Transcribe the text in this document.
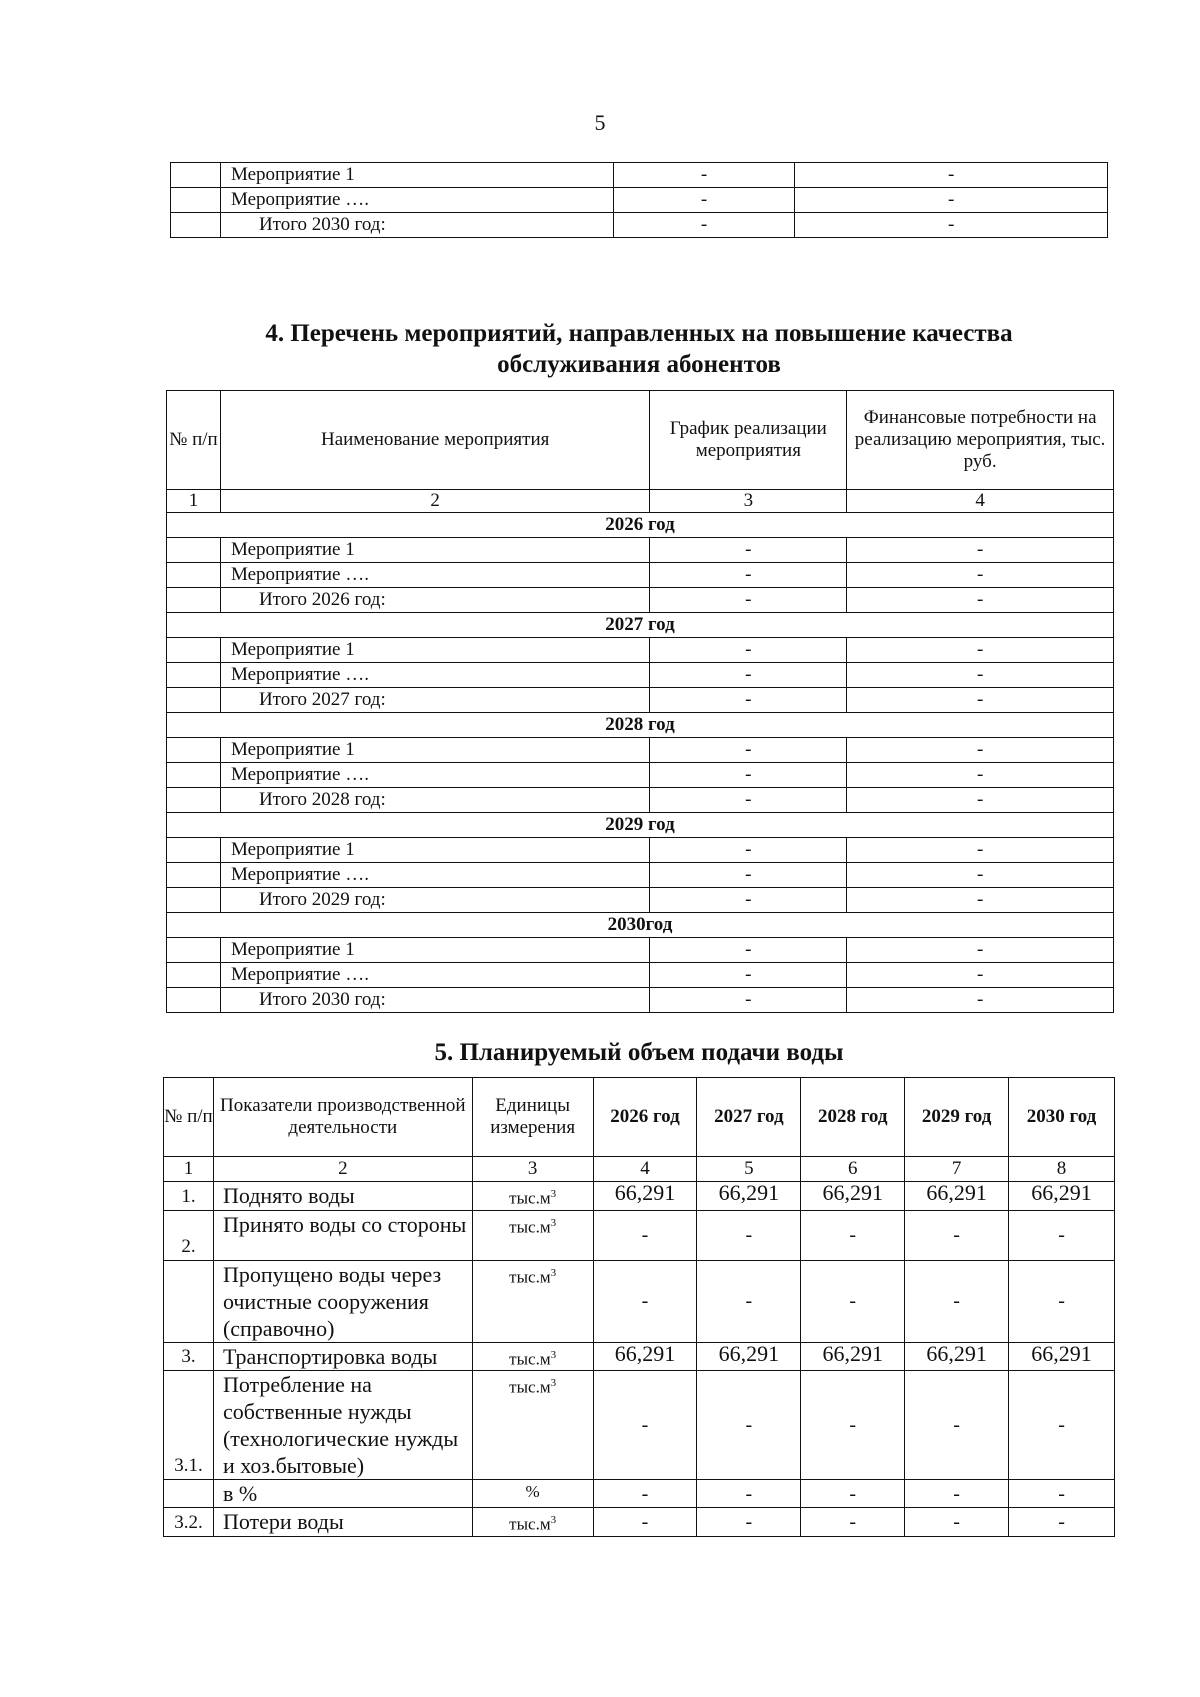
5
	Мероприятие 1	-	-
	Мероприятие ….	-	-
	Итого 2030 год:	-	-
4. Перечень мероприятий, направленных на повышение качества
обслуживания абонентов
№ п/п	Наименование мероприятия	График реализации мероприятия	Финансовые потребности на реализацию мероприятия, тыс. руб.
1	2	3	4
2026 год			
	Мероприятие 1	-	-
	Мероприятие ….	-	-
	Итого 2026 год:	-	-
2027 год			
	Мероприятие 1	-	-
	Мероприятие ….	-	-
	Итого 2027 год:	-	-
2028 год			
	Мероприятие 1	-	-
	Мероприятие ….	-	-
	Итого 2028 год:	-	-
2029 год			
	Мероприятие 1	-	-
	Мероприятие ….	-	-
	Итого 2029 год:	-	-
2030год			
	Мероприятие 1	-	-
	Мероприятие ….	-	-
	Итого 2030 год:	-	-
5. Планируемый объем подачи воды
№ п/п	Показатели производственной деятельности	Единицы измерения	2026 год	2027 год	2028 год	2029 год	2030 год
1	2	3	4	5	6	7	8
1.	Поднято воды	$тыс.м^3$	66,291	66,291	66,291	66,291	66,291
2.	Принято воды со стороны	$тыс.м^3$	-	-	-	-	-
	Пропущено воды через очистные сооружения (справочно)	$тыс.м^3$	-	-	-	-	-
3.	Транспортировка воды	$тыс.м^3$	66,291	66,291	66,291	66,291	66,291
3.1.	Потребление на собственные нужды (технологические нужды и хоз.бытовые)	$тыс.м^3$	-	-	-	-	-
	в %	%	-	-	-	-	-
3.2.	Потери воды	$тыс.м^3$	-	-	-	-	-
